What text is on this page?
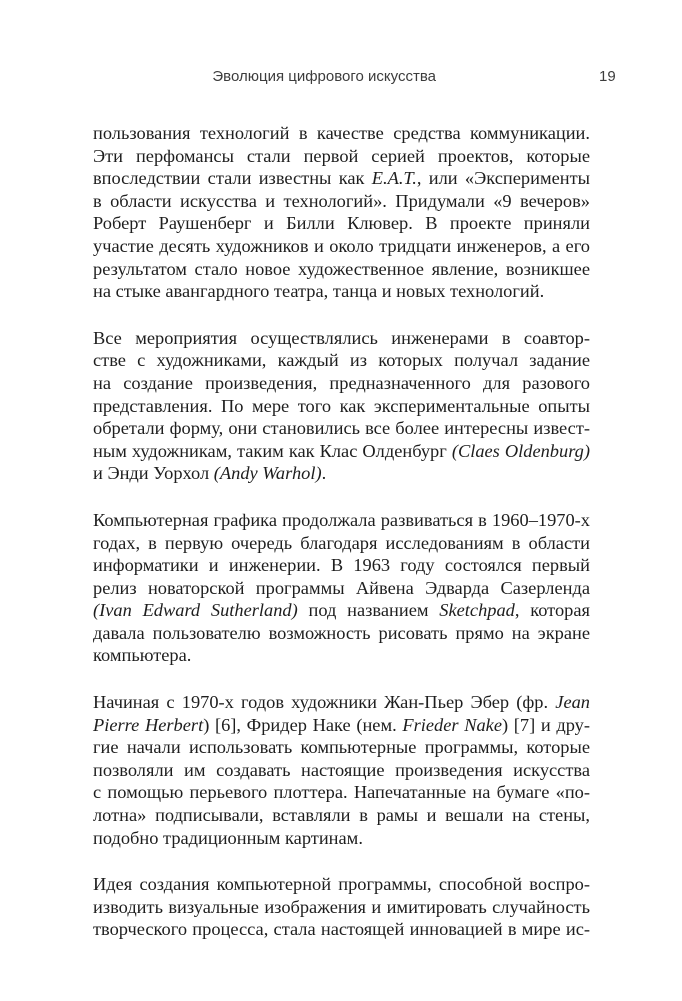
Эволюция цифрового искусства	19

пользования технологий в качестве средства коммуникации.
Эти перфомансы стали первой серией проектов, которые
впоследствии стали известны как E.A.T., или «Эксперименты
в области искусства и технологий». Придумали «9 вечеров»
Роберт Раушенберг и Билли Клювер. В проекте приняли
участие десять художников и около тридцати инженеров, а его
результатом стало новое художественное явление, возникшее
на стыке авангардного театра, танца и новых технологий.

Все мероприятия осуществлялись инженерами в соавтор-
стве с художниками, каждый из которых получал задание
на создание произведения, предназначенного для разового
представления. По мере того как экспериментальные опыты
обретали форму, они становились все более интересны извест-
ным художникам, таким как Клас Олденбург (Claes Oldenburg)
и Энди Уорхол (Andy Warhol).

Компьютерная графика продолжала развиваться в 1960–1970-х
годах, в первую очередь благодаря исследованиям в области
информатики и инженерии. В 1963 году состоялся первый
релиз новаторской программы Айвена Эдварда Сазерленда
(Ivan Edward Sutherland) под названием Sketchpad, которая
давала пользователю возможность рисовать прямо на экране
компьютера.

Начиная с 1970-х годов художники Жан-Пьер Эбер (фр. Jean
Pierre Herbert) [6], Фридер Наке (нем. Frieder Nake) [7] и дру-
гие начали использовать компьютерные программы, которые
позволяли им создавать настоящие произведения искусства
с помощью перьевого плоттера. Напечатанные на бумаге «по-
лотна» подписывали, вставляли в рамы и вешали на стены,
подобно традиционным картинам.

Идея создания компьютерной программы, способной воспро-
изводить визуальные изображения и имитировать случайность
творческого процесса, стала настоящей инновацией в мире ис-
